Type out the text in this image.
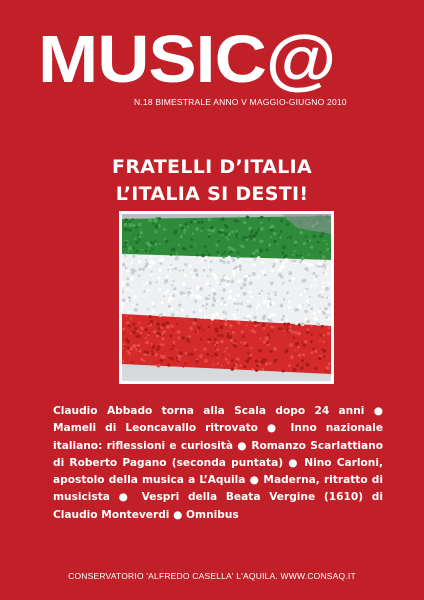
MUSIC@
N.18 BIMESTRALE ANNO V MAGGIO-GIUGNO 2010
FRATELLI D’ITALIA
L’ITALIA SI DESTI!
Claudio Abbado torna alla Scala dopo 24 anni ● Mameli di Leoncavallo ritrovato ● Inno nazionale italiano: riflessioni e curiosità ● Romanzo Scarlattiano di Roberto Pagano (seconda puntata) ● Nino Carloni, apostolo della musica a L’Aquila ● Maderna, ritratto di musicista ● Vespri della Beata Vergine (1610) di Claudio Monteverdi ● Omnibus
CONSERVATORIO 'ALFREDO CASELLA' L'AQUILA. WWW.CONSAQ.IT
